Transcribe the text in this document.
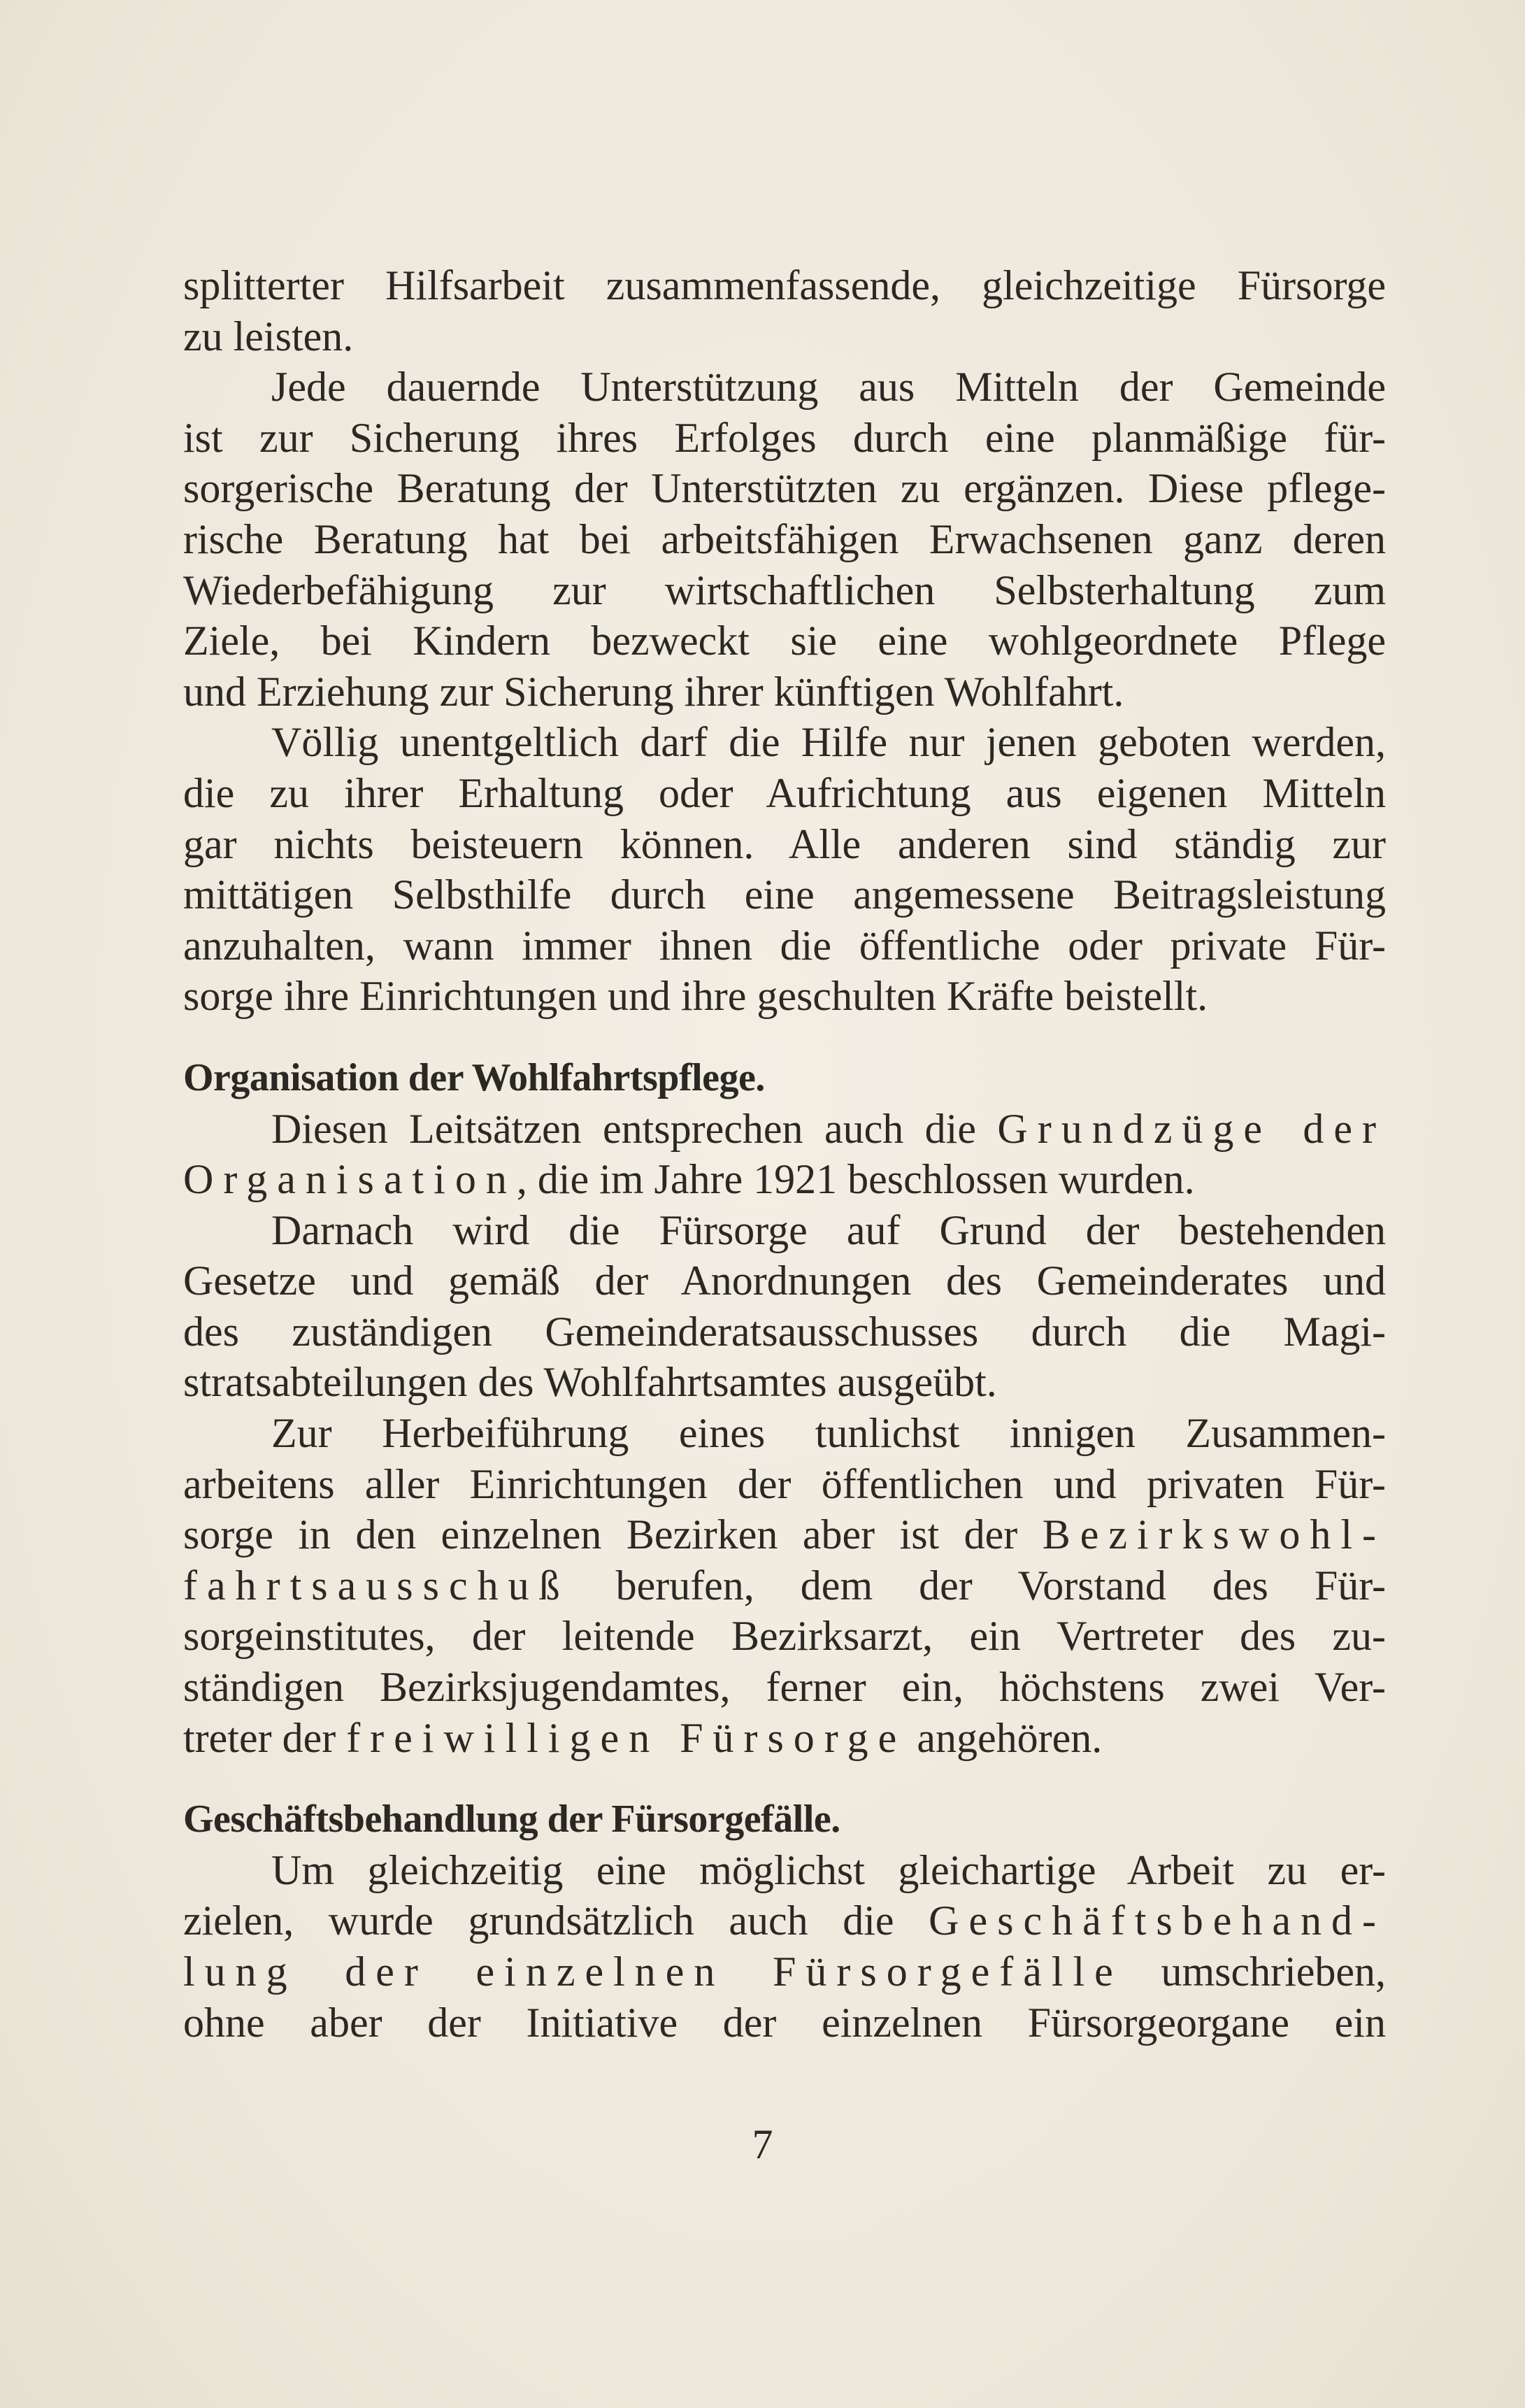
splitterter Hilfsarbeit zusammenfassende, gleichzeitige Fürsorge
zu leisten.

Jede dauernde Unterstützung aus Mitteln der Gemeinde
ist zur Sicherung ihres Erfolges durch eine planmäßige für-
sorgerische Beratung der Unterstützten zu ergänzen. Diese pflege-
rische Beratung hat bei arbeitsfähigen Erwachsenen ganz deren
Wiederbefähigung zur wirtschaftlichen Selbsterhaltung zum
Ziele, bei Kindern bezweckt sie eine wohlgeordnete Pflege
und Erziehung zur Sicherung ihrer künftigen Wohlfahrt.

Völlig unentgeltlich darf die Hilfe nur jenen geboten werden,
die zu ihrer Erhaltung oder Aufrichtung aus eigenen Mitteln
gar nichts beisteuern können. Alle anderen sind ständig zur
mittätigen Selbsthilfe durch eine angemessene Beitragsleistung
anzuhalten, wann immer ihnen die öffentliche oder private Für-
sorge ihre Einrichtungen und ihre geschulten Kräfte beistellt.

Organisation der Wohlfahrtspflege.

Diesen Leitsätzen entsprechen auch die Grundzüge der
Organisation, die im Jahre 1921 beschlossen wurden.

Darnach wird die Fürsorge auf Grund der bestehenden
Gesetze und gemäß der Anordnungen des Gemeinderates und
des zuständigen Gemeinderatsausschusses durch die Magi-
stratsabteilungen des Wohlfahrtsamtes ausgeübt.

Zur Herbeiführung eines tunlichst innigen Zusammen-
arbeitens aller Einrichtungen der öffentlichen und privaten Für-
sorge in den einzelnen Bezirken aber ist der Bezirkswohl-
fahrtsausschuß berufen, dem der Vorstand des Für-
sorgeinstitutes, der leitende Bezirksarzt, ein Vertreter des zu-
ständigen Bezirksjugendamtes, ferner ein, höchstens zwei Ver-
treter der freiwilligen Fürsorge angehören.

Geschäftsbehandlung der Fürsorgefälle.

Um gleichzeitig eine möglichst gleichartige Arbeit zu er-
zielen, wurde grundsätzlich auch die Geschäftsbehand-
lung der einzelnen Fürsorgefälle umschrieben,
ohne aber der Initiative der einzelnen Fürsorgeorgane ein

7
